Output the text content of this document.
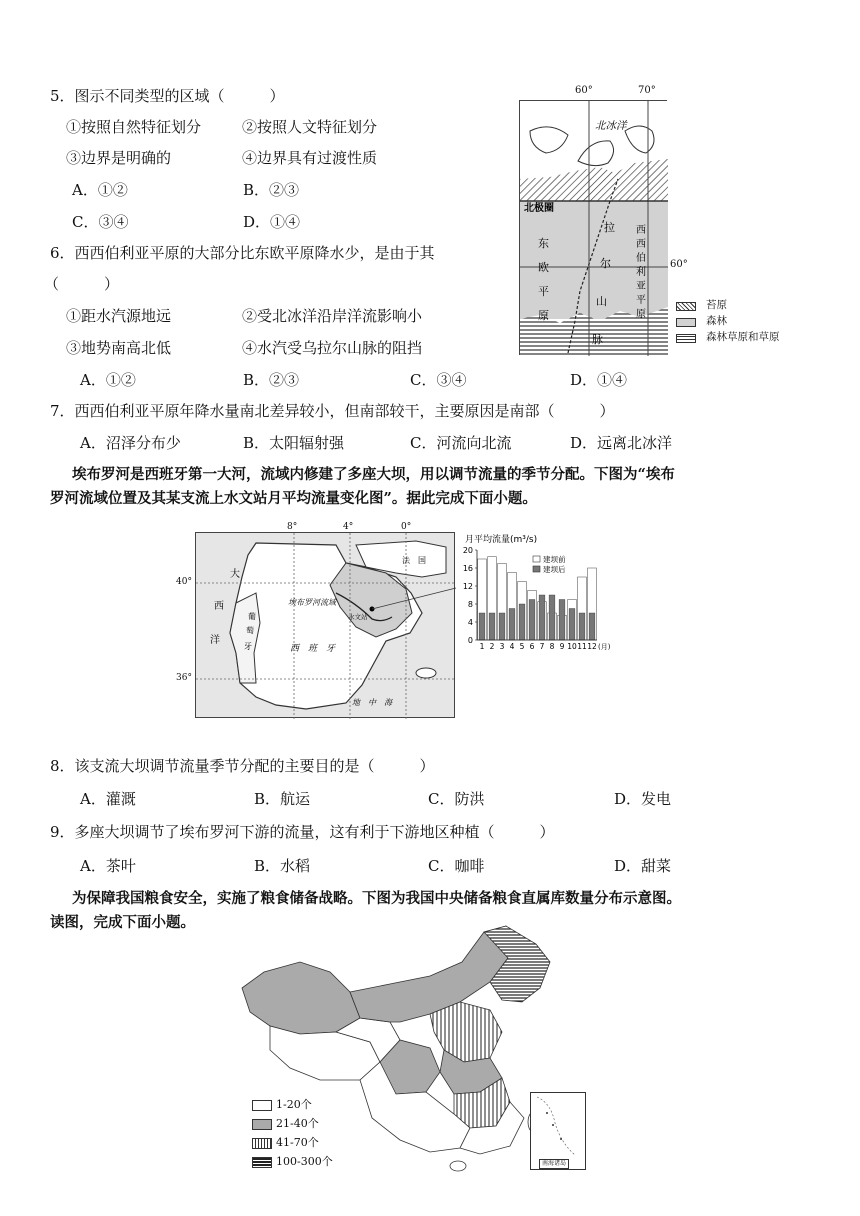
5．图示不同类型的区域（　　　）
①按照自然特征划分	②按照人文特征划分
③边界是明确的	④边界具有过渡性质
A．①②	B．②③
C．③④	D．①④
6．西西伯利亚平原的大部分比东欧平原降水少，是由于其
（　　　）
①距水汽源地远	②受北冰洋沿岸洋流影响小
③地势南高北低	④水汽受乌拉尔山脉的阻挡
A．①②	B．②③	C．③④	D．①④
7．西西伯利亚平原年降水量南北差异较小，但南部较干，主要原因是南部（　　　）
A．沼泽分布少	B．太阳辐射强	C．河流向北流	D．远离北冰洋
埃布罗河是西班牙第一大河，流域内修建了多座大坝，用以调节流量的季节分配。下图为“埃布
罗河流域位置及其某支流上水文站月平均流量变化图”。据此完成下面小题。
北冰洋
北极圈
东
欧
平
原
拉
尔
山
脉
西
西
伯
利
亚
平
原
60°	70°
60°
苔原
森林
森林草原和草原
大
西
洋
葡
萄
牙	西　班　牙
法　国
埃布罗河流域
水文站
地　中　海
8°	4°	0°
40°
36°
月平均流量(m³/s)
0
4
8
12
16
20
1 2 3 4 5 6 7 8 9 10 11 12 (月)
建坝前
建坝后
8．该支流大坝调节流量季节分配的主要目的是（　　　）
A．灌溉	B．航运	C．防洪	D．发电
9．多座大坝调节了埃布罗河下游的流量，这有利于下游地区种植（　　　）
A．茶叶	B．水稻	C．咖啡	D．甜菜
为保障我国粮食安全，实施了粮食储备战略。下图为我国中央储备粮食直属库数量分布示意图。
读图，完成下面小题。
南海诸岛
1-20个
21-40个
41-70个
100-300个
